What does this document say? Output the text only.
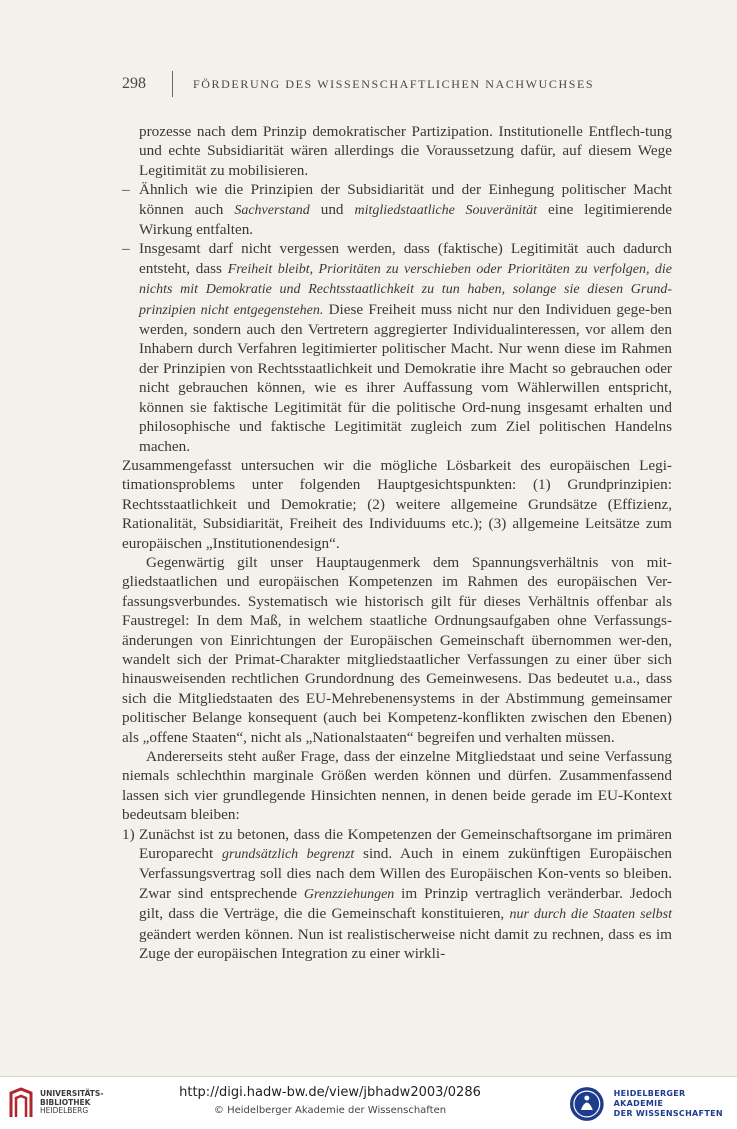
298	FÖRDERUNG DES WISSENSCHAFTLICHEN NACHWUCHSES

prozesse nach dem Prinzip demokratischer Partizipation. Institutionelle Entflech-tung und echte Subsidiarität wären allerdings die Voraussetzung dafür, auf diesem Wege Legitimität zu mobilisieren.

– Ähnlich wie die Prinzipien der Subsidiarität und der Einhegung politischer Macht können auch Sachverstand und mitgliedstaatliche Souveränität eine legitimierende Wirkung entfalten.

– Insgesamt darf nicht vergessen werden, dass (faktische) Legitimität auch dadurch entsteht, dass Freiheit bleibt, Prioritäten zu verschieben oder Prioritäten zu verfolgen, die nichts mit Demokratie und Rechtsstaatlichkeit zu tun haben, solange sie diesen Grund-prinzipien nicht entgegenstehen. Diese Freiheit muss nicht nur den Individuen gege-ben werden, sondern auch den Vertretern aggregierter Individualinteressen, vor allem den Inhabern durch Verfahren legitimierter politischer Macht. Nur wenn diese im Rahmen der Prinzipien von Rechtsstaatlichkeit und Demokratie ihre Macht so gebrauchen oder nicht gebrauchen können, wie es ihrer Auffassung vom Wählerwillen entspricht, können sie faktische Legitimität für die politische Ord-nung insgesamt erhalten und philosophische und faktische Legitimität zugleich zum Ziel politischen Handelns machen.

Zusammengefasst untersuchen wir die mögliche Lösbarkeit des europäischen Legi-timationsproblems unter folgenden Hauptgesichtspunkten: (1) Grundprinzipien: Rechtsstaatlichkeit und Demokratie; (2) weitere allgemeine Grundsätze (Effizienz, Rationalität, Subsidiarität, Freiheit des Individuums etc.); (3) allgemeine Leitsätze zum europäischen „Institutionendesign“.

Gegenwärtig gilt unser Hauptaugenmerk dem Spannungsverhältnis von mit-gliedstaatlichen und europäischen Kompetenzen im Rahmen des europäischen Ver-fassungsverbundes. Systematisch wie historisch gilt für dieses Verhältnis offenbar als Faustregel: In dem Maß, in welchem staatliche Ordnungsaufgaben ohne Verfassungs-änderungen von Einrichtungen der Europäischen Gemeinschaft übernommen wer-den, wandelt sich der Primat-Charakter mitgliedstaatlicher Verfassungen zu einer über sich hinausweisenden rechtlichen Grundordnung des Gemeinwesens. Das bedeutet u.a., dass sich die Mitgliedstaaten des EU-Mehrebenensystems in der Abstimmung gemeinsamer politischer Belange konsequent (auch bei Kompetenz-konflikten zwischen den Ebenen) als „offene Staaten“, nicht als „Nationalstaaten“ begreifen und verhalten müssen.

Andererseits steht außer Frage, dass der einzelne Mitgliedstaat und seine Verfassung niemals schlechthin marginale Größen werden können und dürfen. Zusammenfassend lassen sich vier grundlegende Hinsichten nennen, in denen beide gerade im EU-Kontext bedeutsam bleiben:

1) Zunächst ist zu betonen, dass die Kompetenzen der Gemeinschaftsorgane im primären Europarecht grundsätzlich begrenzt sind. Auch in einem zukünftigen Europäischen Verfassungsvertrag soll dies nach dem Willen des Europäischen Kon-vents so bleiben. Zwar sind entsprechende Grenzziehungen im Prinzip vertraglich veränderbar. Jedoch gilt, dass die Verträge, die die Gemeinschaft konstituieren, nur durch die Staaten selbst geändert werden können. Nun ist realistischerweise nicht damit zu rechnen, dass es im Zuge der europäischen Integration zu einer wirkli-

UNIVERSITÄTS-
BIBLIOTHEK
HEIDELBERG
http://digi.hadw-bw.de/view/jbhadw2003/0286
© Heidelberger Akademie der Wissenschaften
HEIDELBERGER AKADEMIE
DER WISSENSCHAFTEN
